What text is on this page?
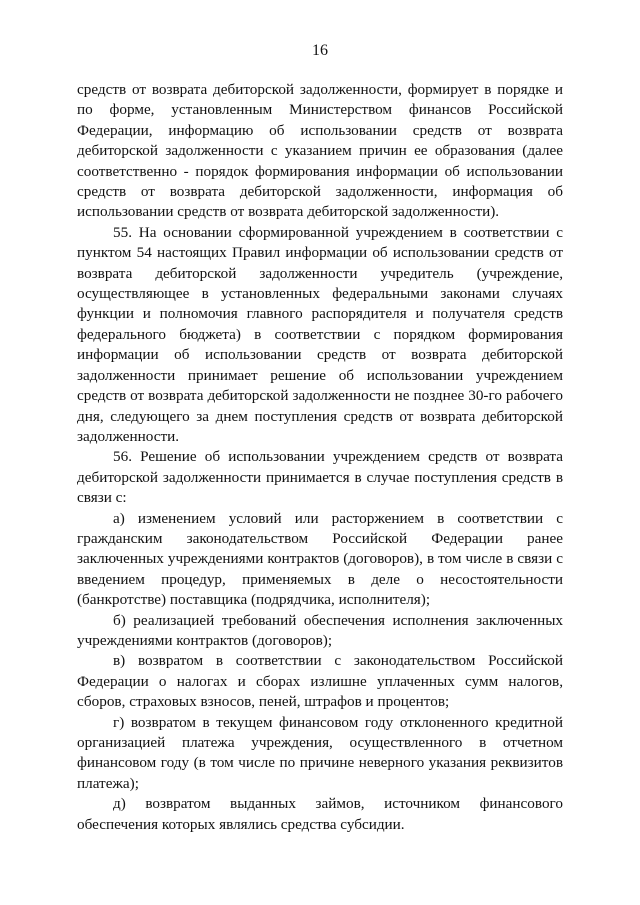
16

средств от возврата дебиторской задолженности, формирует в порядке и по форме, установленным Министерством финансов Российской Федерации, информацию об использовании средств от возврата дебиторской задолженности с указанием причин ее образования (далее соответственно - порядок формирования информации об использовании средств от возврата дебиторской задолженности, информация об использовании средств от возврата дебиторской задолженности).

55. На основании сформированной учреждением в соответствии с пунктом 54 настоящих Правил информации об использовании средств от возврата дебиторской задолженности учредитель (учреждение, осуществляющее в установленных федеральными законами случаях функции и полномочия главного распорядителя и получателя средств федерального бюджета) в соответствии с порядком формирования информации об использовании средств от возврата дебиторской задолженности принимает решение об использовании учреждением средств от возврата дебиторской задолженности не позднее 30-го рабочего дня, следующего за днем поступления средств от возврата дебиторской задолженности.

56. Решение об использовании учреждением средств от возврата дебиторской задолженности принимается в случае поступления средств в связи с:

а) изменением условий или расторжением в соответствии с гражданским законодательством Российской Федерации ранее заключенных учреждениями контрактов (договоров), в том числе в связи с введением процедур, применяемых в деле о несостоятельности (банкротстве) поставщика (подрядчика, исполнителя);

б) реализацией требований обеспечения исполнения заключенных учреждениями контрактов (договоров);

в) возвратом в соответствии с законодательством Российской Федерации о налогах и сборах излишне уплаченных сумм налогов, сборов, страховых взносов, пеней, штрафов и процентов;

г) возвратом в текущем финансовом году отклоненного кредитной организацией платежа учреждения, осуществленного в отчетном финансовом году (в том числе по причине неверного указания реквизитов платежа);

д) возвратом выданных займов, источником финансового обеспечения которых являлись средства субсидии.
